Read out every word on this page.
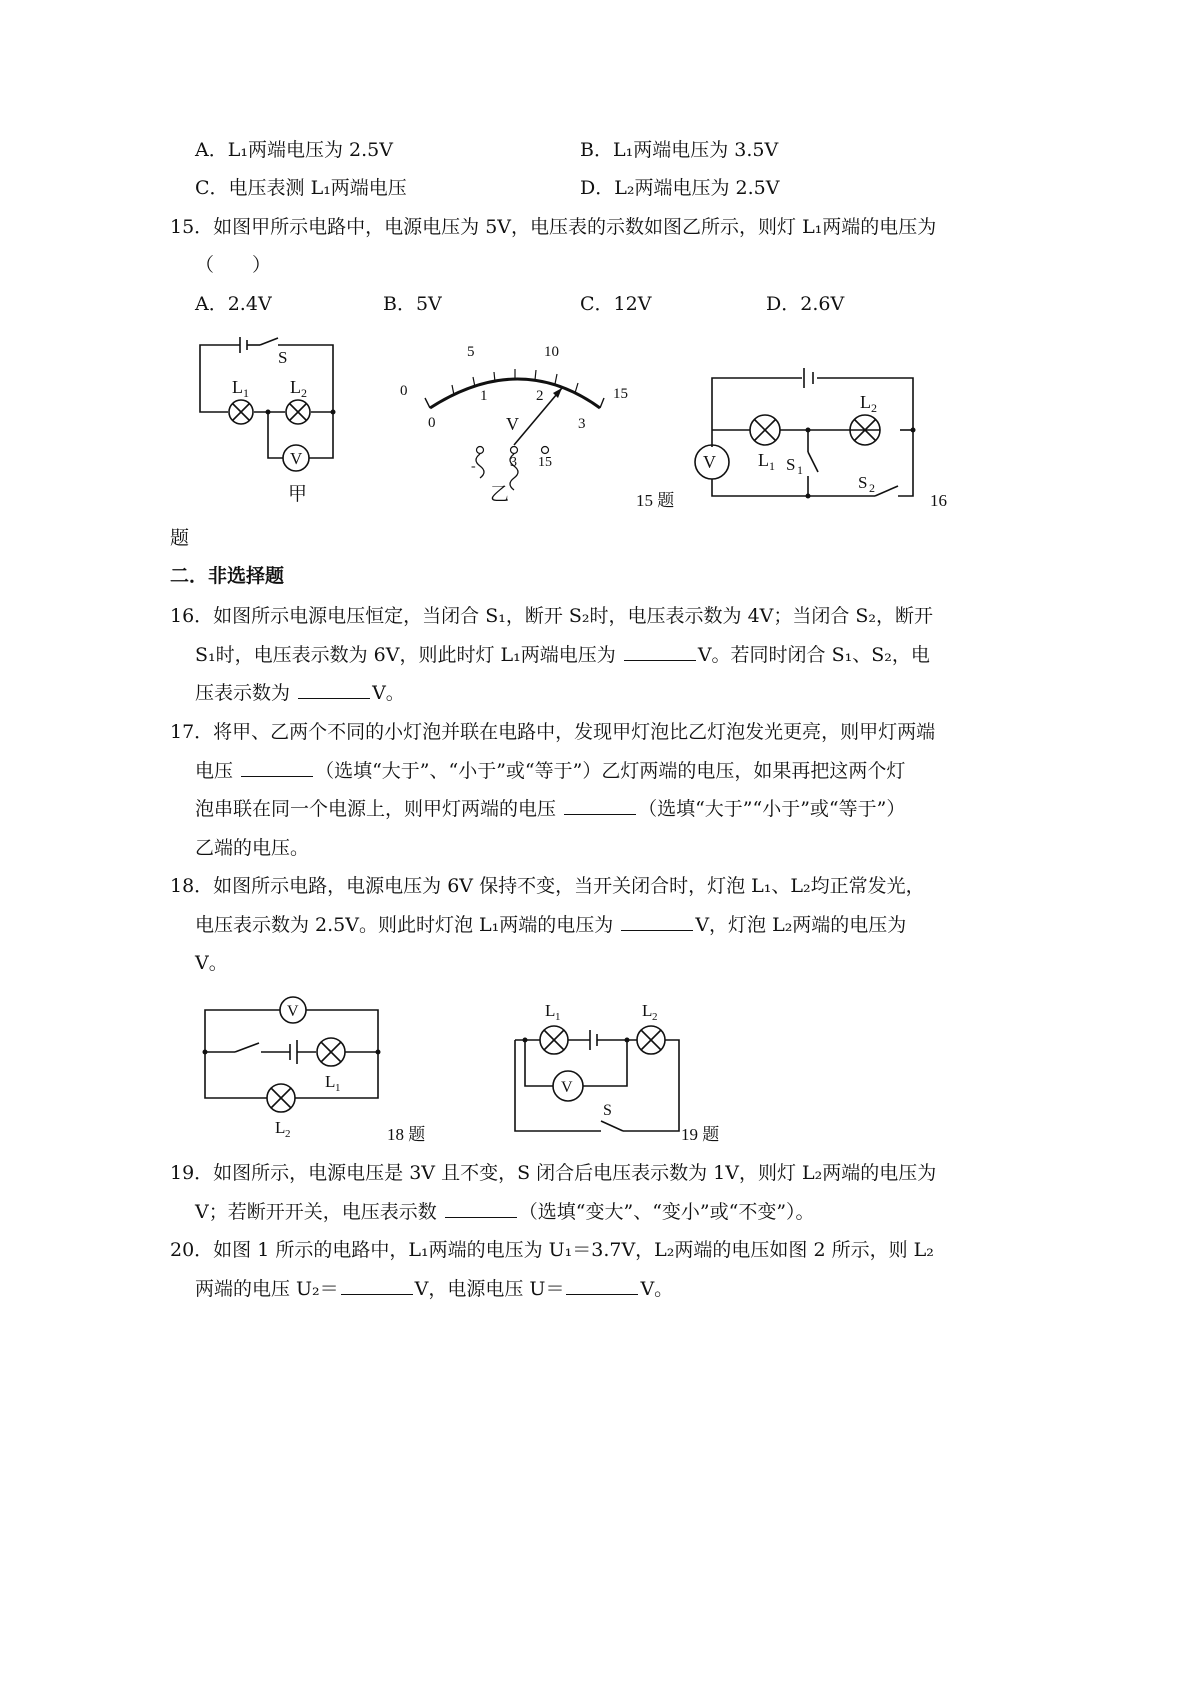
A．L₁两端电压为 2.5V	B．L₁两端电压为 3.5V
C．电压表测 L₁两端电压	D．L₂两端电压为 2.5V
15．如图甲所示电路中，电源电压为 5V，电压表的示数如图乙所示，则灯 L₁两端的电压为
（　　）
A．2.4V	B．5V	C．12V	D．2.6V
S
L 1 L 2
V
甲
0
5	10
15
0
1	2
3
V
- 3 15
乙	15 题
V L 1
L 2
S 1
S 2
16
题
二．非选择题
16．如图所示电源电压恒定，当闭合 S₁，断开 S₂时，电压表示数为 4V；当闭合 S₂，断开
S₁时，电压表示数为 6V，则此时灯 L₁两端电压为	V。若同时闭合 S₁、S₂，电
压表示数为	V。
17．将甲、乙两个不同的小灯泡并联在电路中，发现甲灯泡比乙灯泡发光更亮，则甲灯两端
电压	（选填“大于”、“小于”或“等于”）乙灯两端的电压，如果再把这两个灯
泡串联在同一个电源上，则甲灯两端的电压	（选填“大于”“小于”或“等于”）
乙端的电压。
18．如图所示电路，电源电压为 6V 保持不变，当开关闭合时，灯泡 L₁、L₂均正常发光，
电压表示数为 2.5V。则此时灯泡 L₁两端的电压为	V，灯泡 L₂两端的电压为
V。
V
L 1
L 2	18 题
L 1	L 2
V
S
19 题
19．如图所示，电源电压是 3V 且不变，S 闭合后电压表示数为 1V，则灯 L₂两端的电压为
V；若断开开关，电压表示数	（选填“变大”、“变小”或“不变”）。
20．如图 1 所示的电路中，L₁两端的电压为 U₁＝3.7V，L₂两端的电压如图 2 所示，则 L₂
两端的电压 U₂＝	V，电源电压 U＝	V。
